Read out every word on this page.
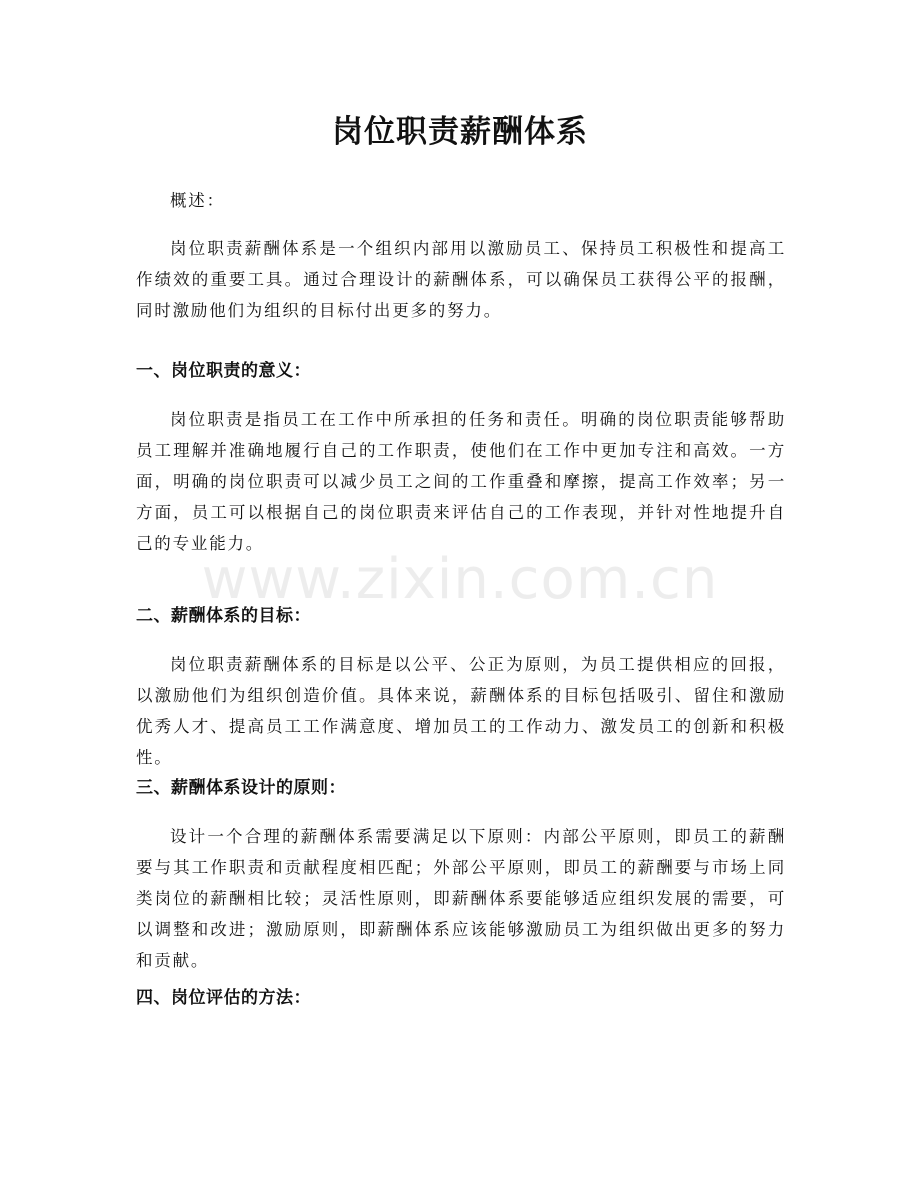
岗位职责薪酬体系
概述：
岗位职责薪酬体系是一个组织内部用以激励员工、保持员工积极性和提高工作绩效的重要工具。通过合理设计的薪酬体系，可以确保员工获得公平的报酬，同时激励他们为组织的目标付出更多的努力。
一、岗位职责的意义：
岗位职责是指员工在工作中所承担的任务和责任。明确的岗位职责能够帮助员工理解并准确地履行自己的工作职责，使他们在工作中更加专注和高效。一方面，明确的岗位职责可以减少员工之间的工作重叠和摩擦，提高工作效率；另一方面，员工可以根据自己的岗位职责来评估自己的工作表现，并针对性地提升自己的专业能力。
二、薪酬体系的目标：
岗位职责薪酬体系的目标是以公平、公正为原则，为员工提供相应的回报，以激励他们为组织创造价值。具体来说，薪酬体系的目标包括吸引、留住和激励优秀人才、提高员工工作满意度、增加员工的工作动力、激发员工的创新和积极性。
三、薪酬体系设计的原则：
设计一个合理的薪酬体系需要满足以下原则：内部公平原则，即员工的薪酬要与其工作职责和贡献程度相匹配；外部公平原则，即员工的薪酬要与市场上同类岗位的薪酬相比较；灵活性原则，即薪酬体系要能够适应组织发展的需要，可以调整和改进；激励原则，即薪酬体系应该能够激励员工为组织做出更多的努力和贡献。
四、岗位评估的方法：
www.zixin.com.cn
